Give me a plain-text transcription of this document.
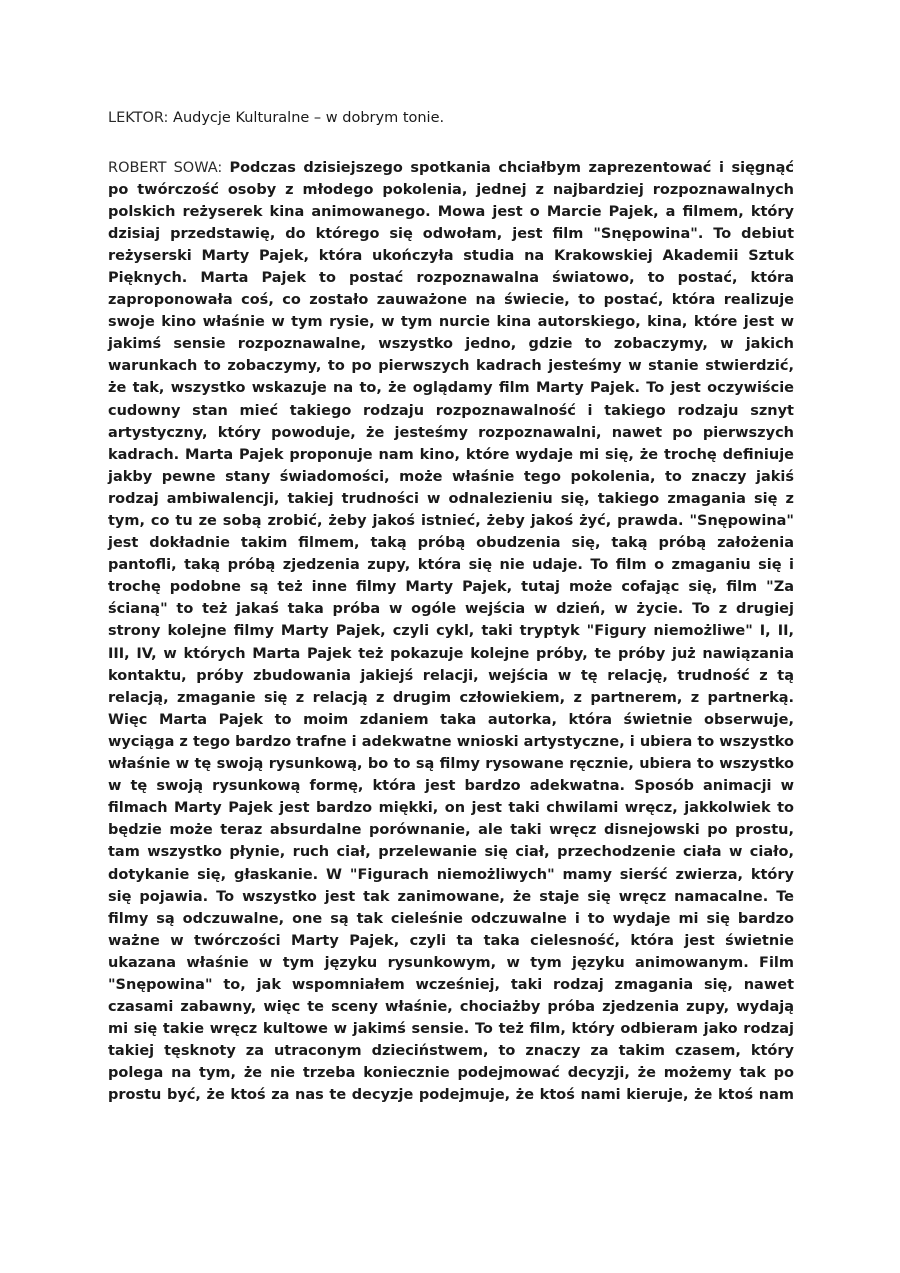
LEKTOR: Audycje Kulturalne – w dobrym tonie.

ROBERT SOWA: Podczas dzisiejszego spotkania chciałbym zaprezentować i sięgnąć po twórczość osoby z młodego pokolenia, jednej z najbardziej rozpoznawalnych polskich reżyserek kina animowanego. Mowa jest o Marcie Pajek, a filmem, który dzisiaj przedstawię, do którego się odwołam, jest film "Snępowina". To debiut reżyserski Marty Pajek, która ukończyła studia na Krakowskiej Akademii Sztuk Pięknych. Marta Pajek to postać rozpoznawalna światowo, to postać, która zaproponowała coś, co zostało zauważone na świecie, to postać, która realizuje swoje kino właśnie w tym rysie, w tym nurcie kina autorskiego, kina, które jest w jakimś sensie rozpoznawalne, wszystko jedno, gdzie to zobaczymy, w jakich warunkach to zobaczymy, to po pierwszych kadrach jesteśmy w stanie stwierdzić, że tak, wszystko wskazuje na to, że oglądamy film Marty Pajek. To jest oczywiście cudowny stan mieć takiego rodzaju rozpoznawalność i takiego rodzaju sznyt artystyczny, który powoduje, że jesteśmy rozpoznawalni, nawet po pierwszych kadrach. Marta Pajek proponuje nam kino, które wydaje mi się, że trochę definiuje jakby pewne stany świadomości, może właśnie tego pokolenia, to znaczy jakiś rodzaj ambiwalencji, takiej trudności w odnalezieniu się, takiego zmagania się z tym, co tu ze sobą zrobić, żeby jakoś istnieć, żeby jakoś żyć, prawda. "Snępowina" jest dokładnie takim filmem, taką próbą obudzenia się, taką próbą założenia pantofli, taką próbą zjedzenia zupy, która się nie udaje. To film o zmaganiu się i trochę podobne są też inne filmy Marty Pajek, tutaj może cofając się, film "Za ścianą" to też jakaś taka próba w ogóle wejścia w dzień, w życie. To z drugiej strony kolejne filmy Marty Pajek, czyli cykl, taki tryptyk "Figury niemożliwe" I, II, III, IV, w których Marta Pajek też pokazuje kolejne próby, te próby już nawiązania kontaktu, próby zbudowania jakiejś relacji, wejścia w tę relację, trudność z tą relacją, zmaganie się z relacją z drugim człowiekiem, z partnerem, z partnerką. Więc Marta Pajek to moim zdaniem taka autorka, która świetnie obserwuje, wyciąga z tego bardzo trafne i adekwatne wnioski artystyczne, i ubiera to wszystko właśnie w tę swoją rysunkową, bo to są filmy rysowane ręcznie, ubiera to wszystko w tę swoją rysunkową formę, która jest bardzo adekwatna. Sposób animacji w filmach Marty Pajek jest bardzo miękki, on jest taki chwilami wręcz, jakkolwiek to będzie może teraz absurdalne porównanie, ale taki wręcz disnejowski po prostu, tam wszystko płynie, ruch ciał, przelewanie się ciał, przechodzenie ciała w ciało, dotykanie się, głaskanie. W "Figurach niemożliwych" mamy sierść zwierza, który się pojawia. To wszystko jest tak zanimowane, że staje się wręcz namacalne. Te filmy są odczuwalne, one są tak cieleśnie odczuwalne i to wydaje mi się bardzo ważne w twórczości Marty Pajek, czyli ta taka cielesność, która jest świetnie ukazana właśnie w tym języku rysunkowym, w tym języku animowanym. Film "Snępowina" to, jak wspomniałem wcześniej, taki rodzaj zmagania się, nawet czasami zabawny, więc te sceny właśnie, chociażby próba zjedzenia zupy, wydają mi się takie wręcz kultowe w jakimś sensie. To też film, który odbieram jako rodzaj takiej tęsknoty za utraconym dzieciństwem, to znaczy za takim czasem, który polega na tym, że nie trzeba koniecznie podejmować decyzji, że możemy tak po prostu być, że ktoś za nas te decyzje podejmuje, że ktoś nami kieruje, że ktoś nam
